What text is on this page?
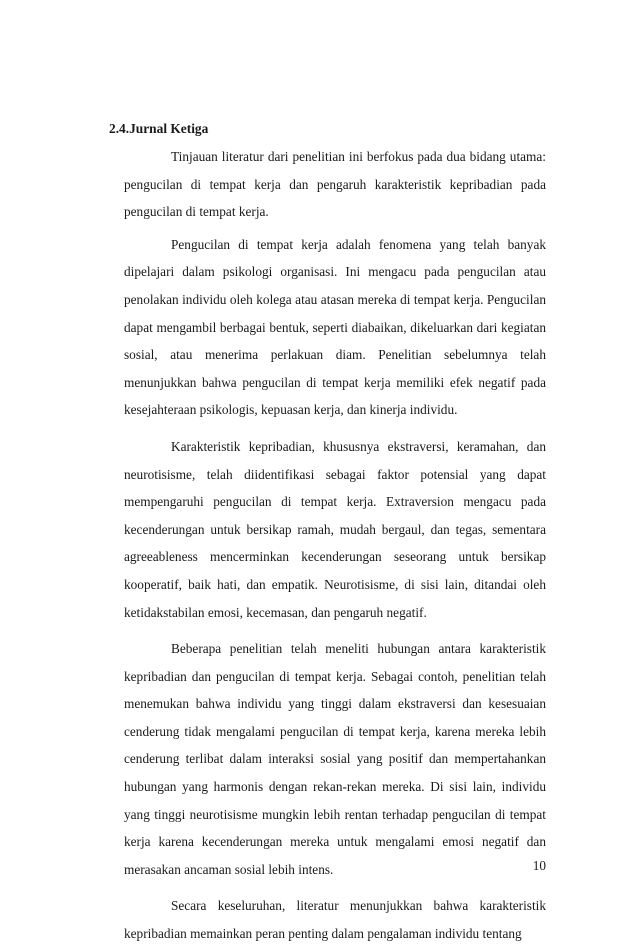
2.4.Jurnal Ketiga

Tinjauan literatur dari penelitian ini berfokus pada dua bidang utama: pengucilan di tempat kerja dan pengaruh karakteristik kepribadian pada pengucilan di tempat kerja.

Pengucilan di tempat kerja adalah fenomena yang telah banyak dipelajari dalam psikologi organisasi. Ini mengacu pada pengucilan atau penolakan individu oleh kolega atau atasan mereka di tempat kerja. Pengucilan dapat mengambil berbagai bentuk, seperti diabaikan, dikeluarkan dari kegiatan sosial, atau menerima perlakuan diam. Penelitian sebelumnya telah menunjukkan bahwa pengucilan di tempat kerja memiliki efek negatif pada kesejahteraan psikologis, kepuasan kerja, dan kinerja individu.

Karakteristik kepribadian, khususnya ekstraversi, keramahan, dan neurotisisme, telah diidentifikasi sebagai faktor potensial yang dapat mempengaruhi pengucilan di tempat kerja. Extraversion mengacu pada kecenderungan untuk bersikap ramah, mudah bergaul, dan tegas, sementara agreeableness mencerminkan kecenderungan seseorang untuk bersikap kooperatif, baik hati, dan empatik. Neurotisisme, di sisi lain, ditandai oleh ketidakstabilan emosi, kecemasan, dan pengaruh negatif.

Beberapa penelitian telah meneliti hubungan antara karakteristik kepribadian dan pengucilan di tempat kerja. Sebagai contoh, penelitian telah menemukan bahwa individu yang tinggi dalam ekstraversi dan kesesuaian cenderung tidak mengalami pengucilan di tempat kerja, karena mereka lebih cenderung terlibat dalam interaksi sosial yang positif dan mempertahankan hubungan yang harmonis dengan rekan-rekan mereka. Di sisi lain, individu yang tinggi neurotisisme mungkin lebih rentan terhadap pengucilan di tempat kerja karena kecenderungan mereka untuk mengalami emosi negatif dan merasakan ancaman sosial lebih intens.

Secara keseluruhan, literatur menunjukkan bahwa karakteristik kepribadian memainkan peran penting dalam pengalaman individu tentang

10
